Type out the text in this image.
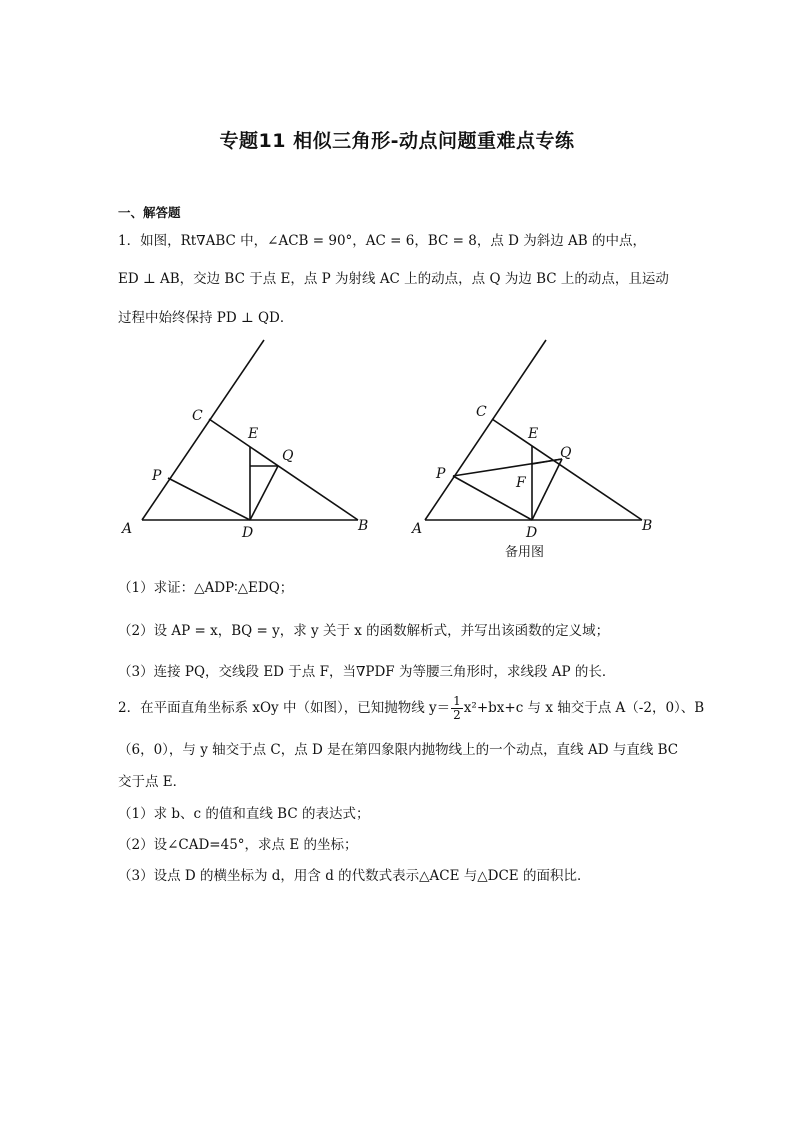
专题11 相似三角形-动点问题重难点专练
一、解答题
1．如图，Rt∇ABC 中，∠ACB = 90°，AC = 6，BC = 8，点 D 为斜边 AB 的中点，
ED ⊥ AB，交边 BC 于点 E，点 P 为射线 AC 上的动点，点 Q 为边 BC 上的动点，且运动
过程中始终保持 PD ⊥ QD．
A	B
C
D
E
P
Q
A	B
C
D
E
P
Q
F
备用图
（1）求证：△ADP∶△EDQ；
（2）设 AP = x，BQ = y，求 y 关于 x 的函数解析式，并写出该函数的定义域；
（3）连接 PQ，交线段 ED 于点 F，当∇PDF 为等腰三角形时，求线段 AP 的长．
2．在平面直角坐标系 xOy 中（如图），已知抛物线 $y= \frac{1}{2} x^2+bx+c$ 与 x 轴交于点 A（-2，0）、B
（6，0），与 y 轴交于点 C，点 D 是在第四象限内抛物线上的一个动点，直线 AD 与直线 BC
交于点 E．
（1）求 b、c 的值和直线 BC 的表达式；
（2）设∠CAD=45°，求点 E 的坐标；
（3）设点 D 的横坐标为 d，用含 d 的代数式表示△ACE 与△DCE 的面积比．
